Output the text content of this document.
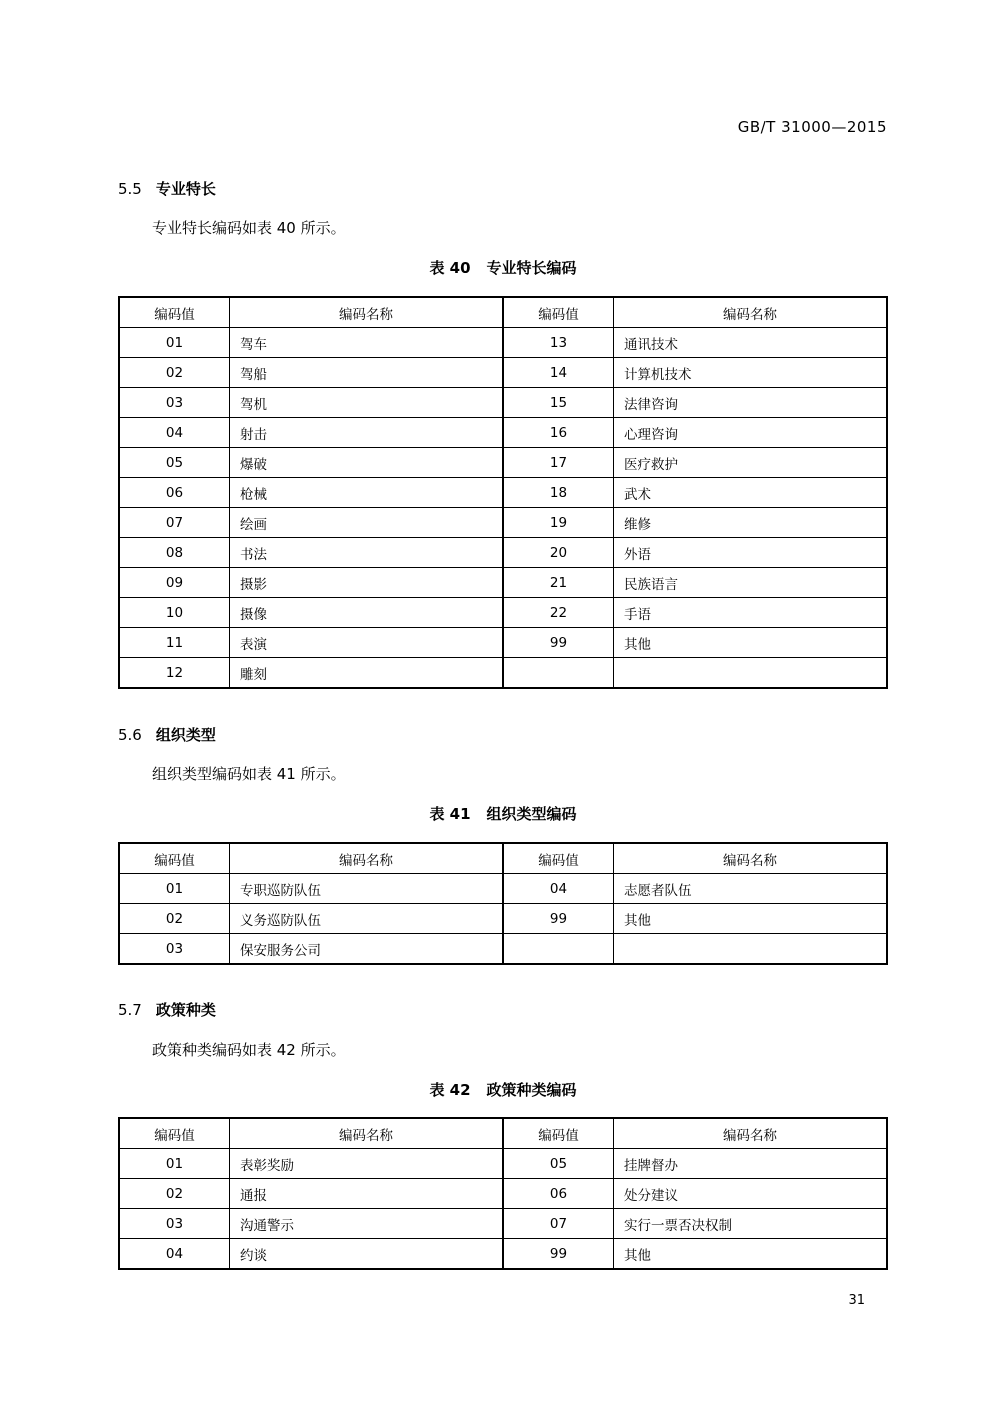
GB/T 31000—2015
5.5 专业特长
专业特长编码如表 40 所示。
表 40 专业特长编码
编码值	编码名称	编码值	编码名称
01	驾车	13	通讯技术
02	驾船	14	计算机技术
03	驾机	15	法律咨询
04	射击	16	心理咨询
05	爆破	17	医疗救护
06	枪械	18	武术
07	绘画	19	维修
08	书法	20	外语
09	摄影	21	民族语言
10	摄像	22	手语
11	表演	99	其他
12	雕刻		
5.6 组织类型
组织类型编码如表 41 所示。
表 41 组织类型编码
编码值	编码名称	编码值	编码名称
01	专职巡防队伍	04	志愿者队伍
02	义务巡防队伍	99	其他
03	保安服务公司		
5.7 政策种类
政策种类编码如表 42 所示。
表 42 政策种类编码
编码值	编码名称	编码值	编码名称
01	表彰奖励	05	挂牌督办
02	通报	06	处分建议
03	沟通警示	07	实行一票否决权制
04	约谈	99	其他
31
